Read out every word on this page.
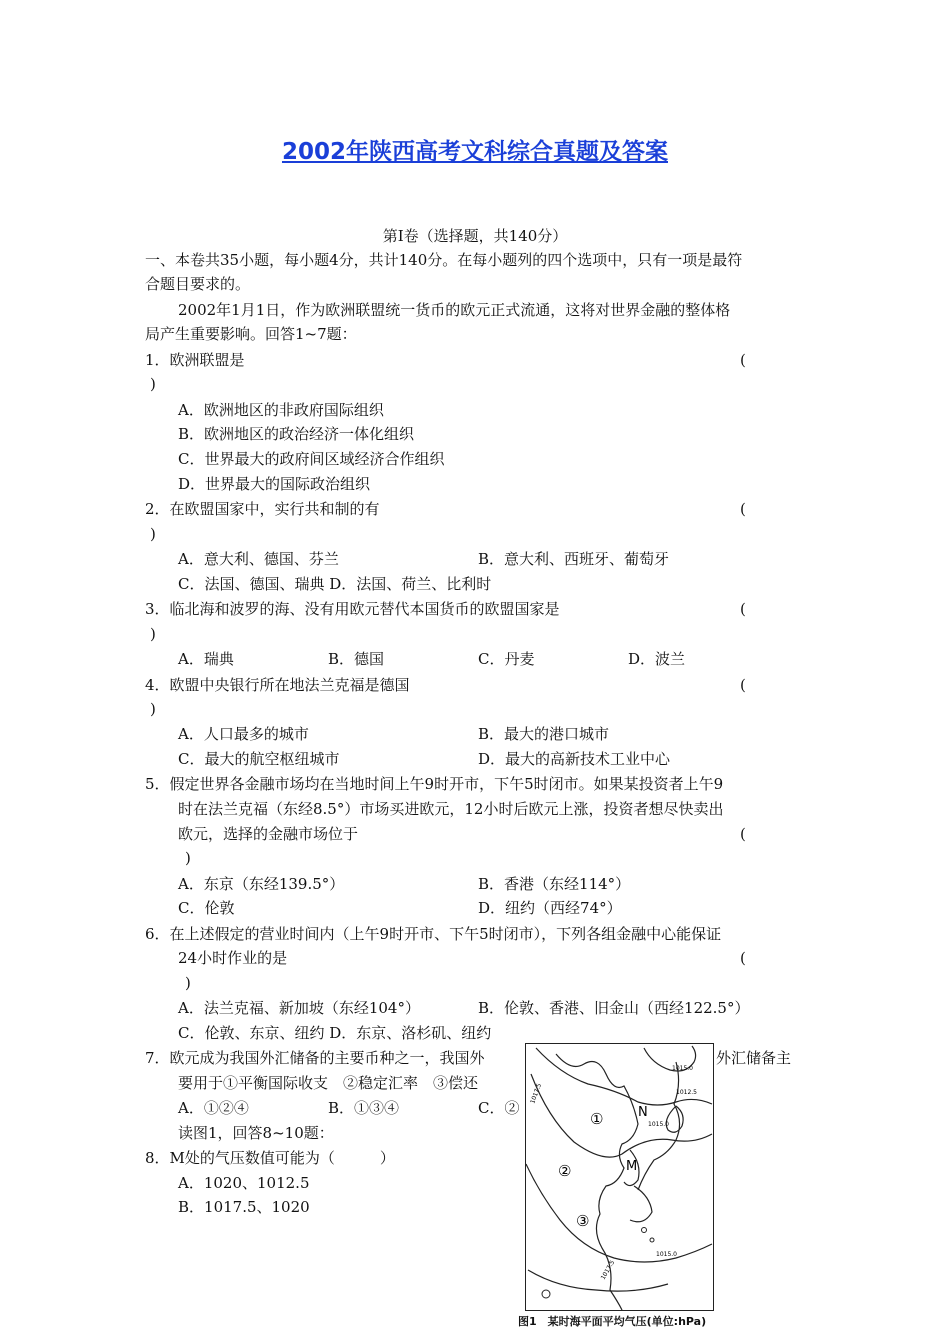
2002年陕西高考文科综合真题及答案
第Ⅰ卷（选择题，共140分）
一、本卷共35小题，每小题4分，共计140分。在每小题列的四个选项中，只有一项是最符
合题目要求的。
2002年1月1日，作为欧洲联盟统一货币的欧元正式流通，这将对世界金融的整体格
局产生重要影响。回答1~7题：
1．欧洲联盟是	(
)
A．欧洲地区的非政府国际组织
B．欧洲地区的政治经济一体化组织
C．世界最大的政府间区域经济合作组织
D．世界最大的国际政治组织
2．在欧盟国家中，实行共和制的有	(
)
A．意大利、德国、芬兰	B．意大利、西班牙、葡萄牙
C．法国、德国、瑞典 D．法国、荷兰、比利时
3．临北海和波罗的海、没有用欧元替代本国货币的欧盟国家是	(
)
A．瑞典	B．德国	C．丹麦	D．波兰
4．欧盟中央银行所在地法兰克福是德国	(
)
A．人口最多的城市	B．最大的港口城市
C．最大的航空枢纽城市	D．最大的高新技术工业中心
5．假定世界各金融市场均在当地时间上午9时开市，下午5时闭市。如果某投资者上午9
时在法兰克福（东经8.5°）市场买进欧元，12小时后欧元上涨，投资者想尽快卖出
欧元，选择的金融市场位于	(
)
A．东京（东经139.5°）	B．香港（东经114°）
C．伦敦	D．纽约（西经74°）
6．在上述假定的营业时间内（上午9时开市、下午5时闭市），下列各组金融中心能保证
24小时作业的是	(
)
A．法兰克福、新加坡（东经104°）	B．伦敦、香港、旧金山（西经122.5°）
C．伦敦、东京、纽约 D．东京、洛杉矶、纽约
7．欧元成为我国外汇储备的主要币种之一，我国外	外汇储备主
要用于①平衡国际收支　②稳定汇率　③偿还
A．①②④	B．①③④	C．②
读图1，回答8~10题：
8．M处的气压数值可能为（　　　）
A．1020、1012.5
B．1017.5、1020
①
②
③
N
M
1015.0
1012.5
1015.0
1017.5
1015.0
1017.5
图1　某时海平面平均气压(单位:hPa)
